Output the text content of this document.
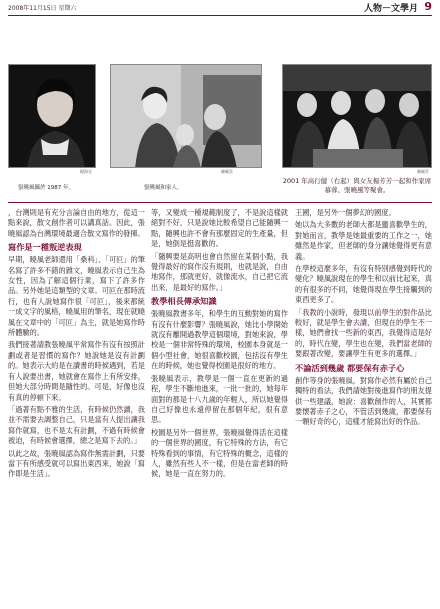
2008年11月15日 星期六	人物－文學月 9
楊海光
張曉風攝於 1987 年。
陳佩雲
張曉風和家人。
陳佩雲
2001 年高行健（右起）與女友楊芳芳一起和作家席
慕蓉、張曉風等聚會。

，台灣則是有充分言論自由的地方，從這一點來說，散文創作者可以講真話。因此，張曉風認為台灣環境最適合散文寫作的發揮。

寫作是一種叛逆表現

早期，曉風老師還用「桑科」、「可叵」的筆名寫了許多不錯的雜文，曉風表示自己生為女性，因為了解這個行業，寫下了許多作品。另外她是這類型的文章。可叵在那時流行，也有人說她寫作很「可叵」，後來都統一成文字的風格，曉風用的筆名，現在就曉風在文章中的「可叵」為主，就是她寫作時所體驗的。

我們接著請教張曉風平常寫作有沒有按照計劃或者是習慣的寫作？她說她是沒有計劃的。她表示大約是在讀書的時候遇到，若是有人說要出書，她就會在寫作上有所安排，但她大部分時間是隨性的。可是，好像也沒有真的停頓下來。

「過著有點不雅的生活，有時候仍然讀，我並不需要去調整自己，只是當有人提出讓我寫作就寫，也不是太有計劃，不過有時候會被迫，有時候會選擇，總之是寫下去的。」

以此之故，張曉風認為寫作無需計劃，只要當下有所感受就可以寫出東西來，她說「寫作即是生活」。

等，又變成一種規範制度了，不是說這樣就絕對不好，只是說她比較希望自己能隨興一點，隨興也許不會有那麼固定的生產量，但是，她倒是挺喜歡的。

「隨興要是高明也會自然留在某個小點，我覺得最好的寫作沒有規則，也就是說，自由地寫作，那就更好，就像流水，自己把它流出來，是最好的寫作。」

教學相長傳承知識

張曉風教書多年，和學生的互動對她的寫作有沒有什麼影響？張曉風說，她比小學開始就沒有離開過教學這個環境，對她來說，學校是一個非常特殊的環境，校園本身就是一個小型社會，她很喜歡校園，包括沒有學生在的時候，她也覺得校園是很好的地方。

張曉風表示，教學是一個一直在更新的過程，學生不斷地進來，一批一批的，她每年面對的都是十八九歲的年輕人，所以她覺得自己好像也永遠停留在那個年紀，很有意思。

校園是另外一個世界，張曉風覺得活在這樣的一個世界的國度，有它特殊的方法，有它特殊看到的事情，有它特殊的概念，這樣的人，雖然有些人不一樣，但是在當老師的時候，她是一直在努力的。

王國，是另外一個夢幻的國度。

她以為大多數的老師大都是蠻喜歡學生的，對她而言，教學是她最重要的工作之一，她雖然是作家，但老師的身分讓她覺得更有意義。

在學校這麼多年，有沒有特別感覺到時代的變化？曉風說現在的學生和以前比起來，真的有很多的不同，她覺得現在學生接觸到的東西更多了。

「我教的小說時，發現以前學生的對作品比較好，就是學生會去讀，但現在的學生不一樣，她們會找一些新的東西，我覺得這是好的，時代在變，學生也在變，我們當老師的要跟著改變，要讓學生有更多的選擇。」

不論活到幾歲 都要保有赤子心

創作等身的張曉風，對寫作必然有屬於自己獨特的看法，我們請她對後進寫作的朋友提供一些建議，她說：喜歡創作的人，其實都要懷著赤子之心，不管活到幾歲，都要保有一顆好奇的心，這樣才能寫出好的作品。
